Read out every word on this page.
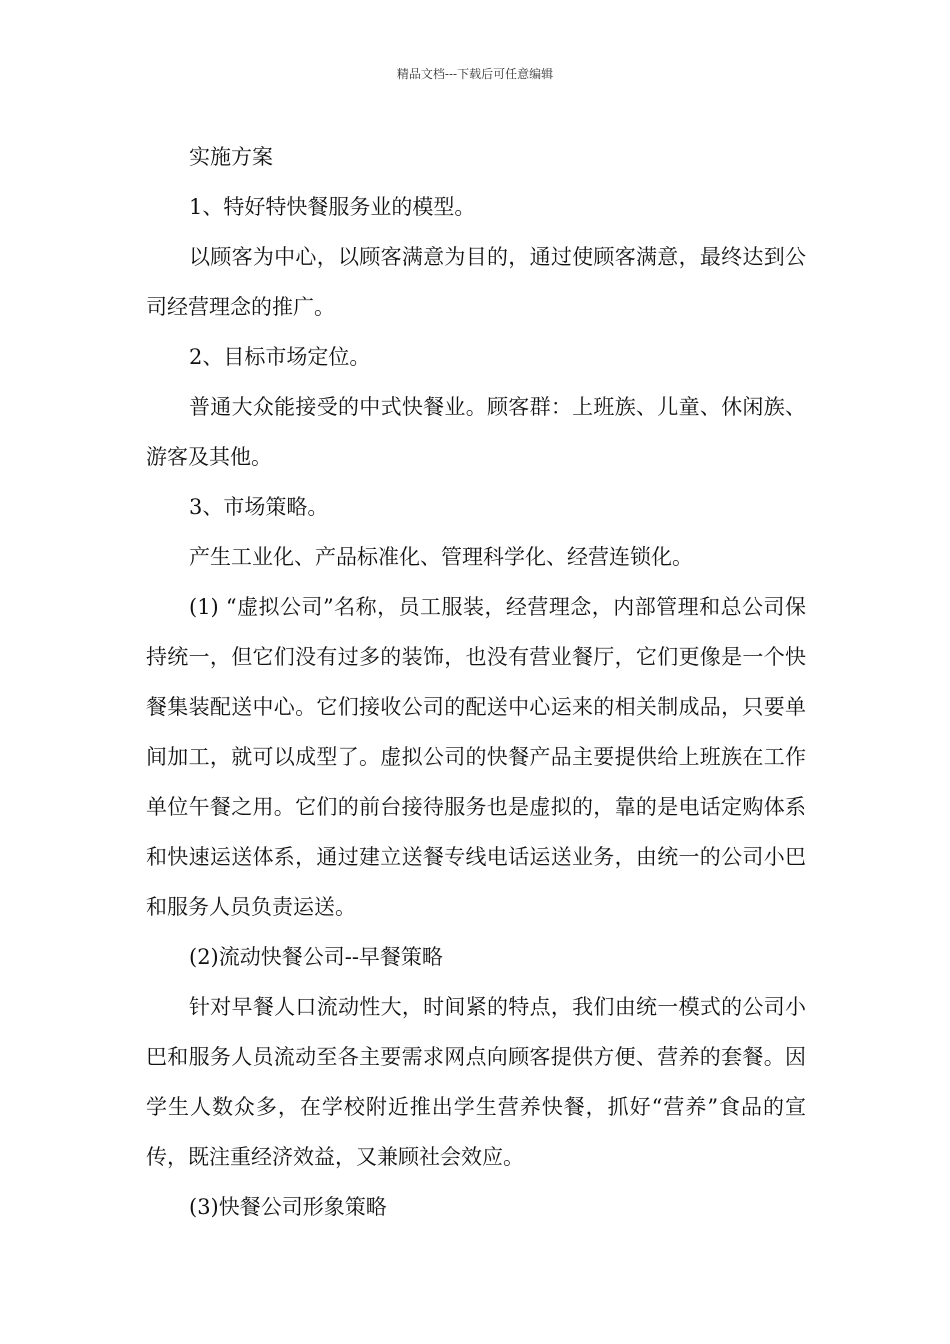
精品文档---下载后可任意编辑

实施方案

1、特好特快餐服务业的模型。

以顾客为中心，以顾客满意为目的，通过使顾客满意，最终达到公司经营理念的推广。

2、目标市场定位。

普通大众能接受的中式快餐业。顾客群：上班族、儿童、休闲族、游客及其他。

3、市场策略。

产生工业化、产品标准化、管理科学化、经营连锁化。

(1) “虚拟公司”名称，员工服装，经营理念，内部管理和总公司保持统一，但它们没有过多的装饰，也没有营业餐厅，它们更像是一个快餐集装配送中心。它们接收公司的配送中心运来的相关制成品，只要单间加工，就可以成型了。虚拟公司的快餐产品主要提供给上班族在工作单位午餐之用。它们的前台接待服务也是虚拟的，靠的是电话定购体系和快速运送体系，通过建立送餐专线电话运送业务，由统一的公司小巴和服务人员负责运送。

(2)流动快餐公司--早餐策略

针对早餐人口流动性大，时间紧的特点，我们由统一模式的公司小巴和服务人员流动至各主要需求网点向顾客提供方便、营养的套餐。因学生人数众多，在学校附近推出学生营养快餐，抓好“营养”食品的宣传，既注重经济效益，又兼顾社会效应。

(3)快餐公司形象策略
